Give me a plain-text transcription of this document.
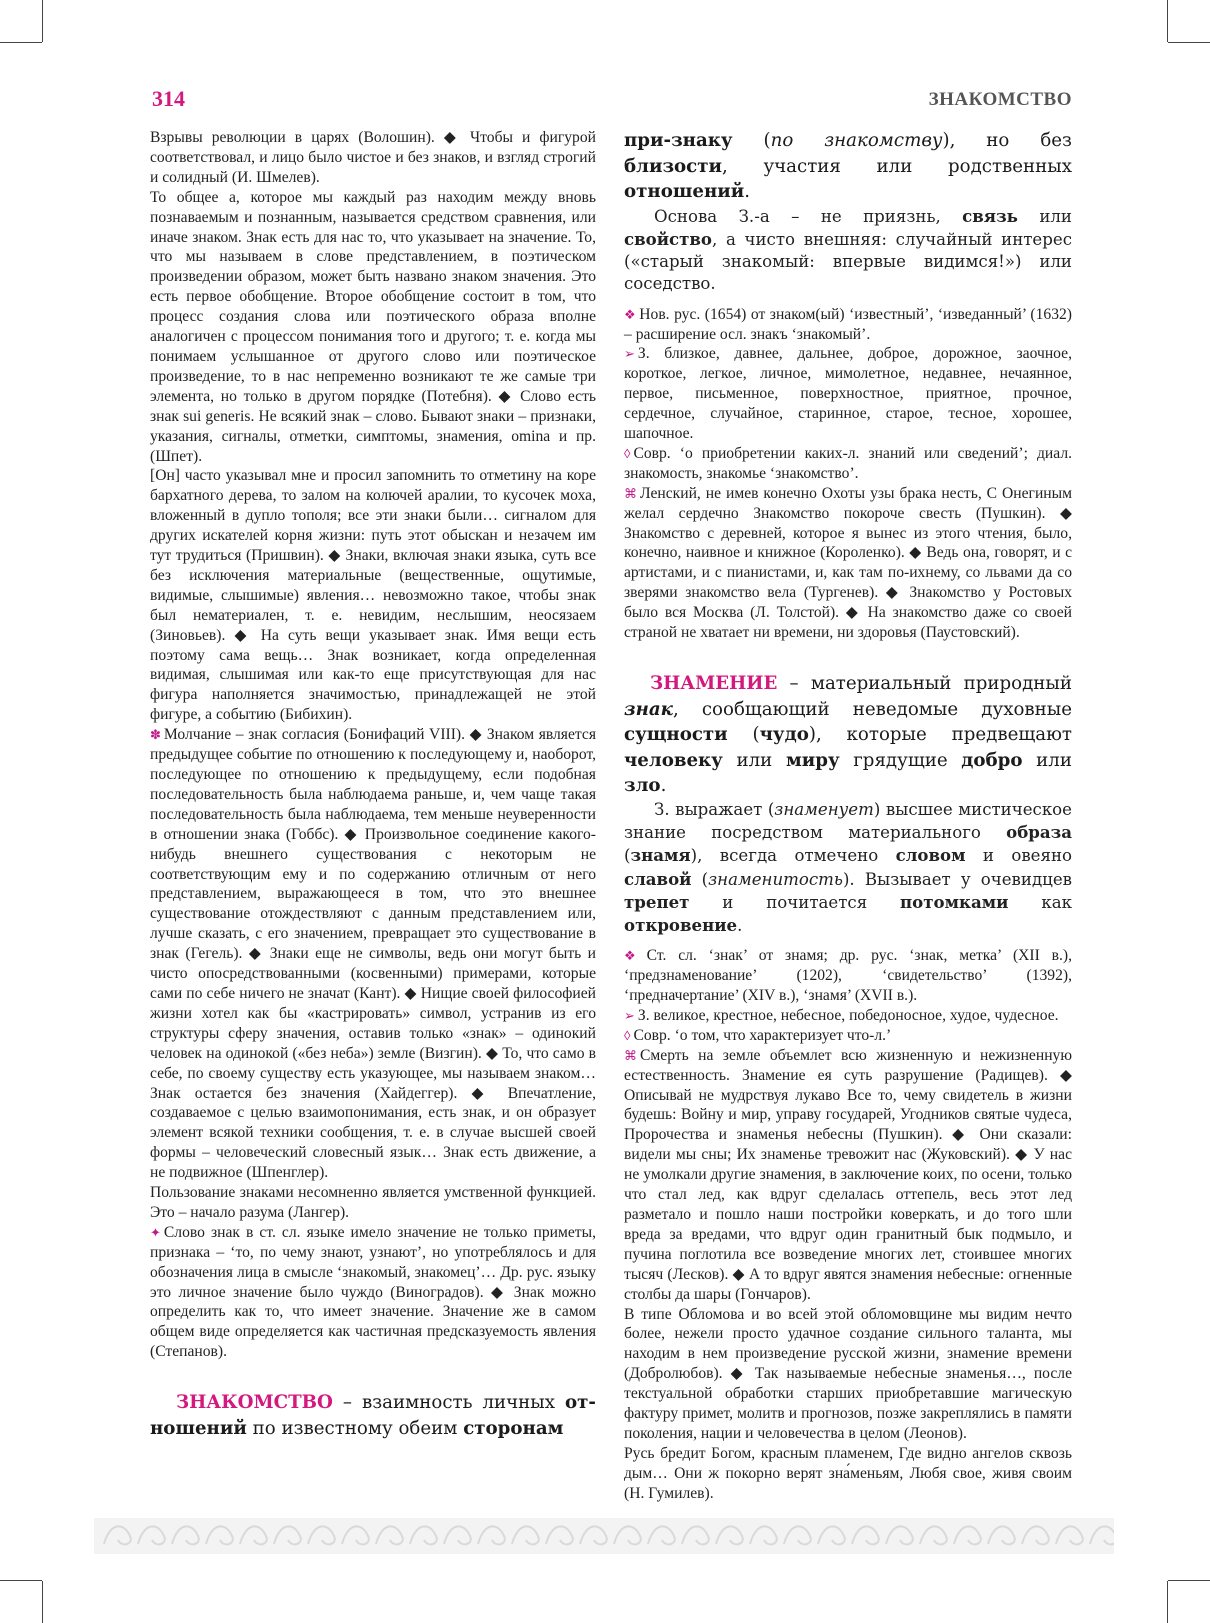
314	ЗНАКОМСТВО

Взрывы революции в царях (Волошин). ◆ Чтобы и фигурой соответствовал, и лицо было чистое и без знаков, и взгляд строгий и солидный (И. Шмелев).

То общее а, которое мы каждый раз находим между вновь познаваемым и познанным, называется средством сравнения, или иначе знаком. Знак есть для нас то, что указывает на значение. То, что мы называем в слове представлением, в поэтическом произведении образом, может быть названо знаком значения. Это есть первое обобщение. Второе обобщение состоит в том, что процесс создания слова или поэтического образа вполне аналогичен с процессом понимания того и другого; т. е. когда мы понимаем услышанное от другого слово или поэтическое произведение, то в нас непременно возникают те же самые три элемента, но только в другом порядке (Потебня). ◆ Слово есть знак sui generis. Не всякий знак – слово. Бывают знаки – признаки, указания, сигналы, отметки, симптомы, знамения, omina и пр. (Шпет).

[Он] часто указывал мне и просил запомнить то отметину на коре бархатного дерева, то залом на колючей аралии, то кусочек моха, вложенный в дупло тополя; все эти знаки были… сигналом для других искателей корня жизни: путь этот обыскан и незачем им тут трудиться (Пришвин). ◆ Знаки, включая знаки языка, суть все без исключения материальные (вещественные, ощутимые, видимые, слышимые) явления… невозможно такое, чтобы знак был нематериален, т. е. невидим, неслышим, неосязаем (Зиновьев). ◆ На суть вещи указывает знак. Имя вещи есть поэтому сама вещь… Знак возникает, когда определенная видимая, слышимая или как-то еще присутствующая для нас фигура наполняется значимостью, принадлежащей не этой фигуре, а событию (Бибихин).

✽ Молчание – знак согласия (Бонифаций VIII). ◆ Знаком является предыдущее событие по отношению к последующему и, наоборот, последующее по отношению к предыдущему, если подобная последовательность была наблюдаема раньше, и, чем чаще такая последовательность была наблюдаема, тем меньше неуверенности в отношении знака (Гоббс). ◆ Произвольное соединение какого-нибудь внешнего существования с некоторым не соответствующим ему и по содержанию отличным от него представлением, выражающееся в том, что это внешнее существование отождествляют с данным представлением или, лучше сказать, с его значением, превращает это существование в знак (Гегель). ◆ Знаки еще не символы, ведь они могут быть и чисто опосредствованными (косвенными) примерами, которые сами по себе ничего не значат (Кант). ◆ Нищие своей философией жизни хотел как бы «кастрировать» символ, устранив из его структуры сферу значения, оставив только «знак» – одинокий человек на одинокой («без неба») земле (Визгин). ◆ То, что само в себе, по своему существу есть указующее, мы называем знаком… Знак остается без значения (Хайдеггер). ◆ Впечатление, создаваемое с целью взаимопонимания, есть знак, и он образует элемент всякой техники сообщения, т. е. в случае высшей своей формы – человеческий словесный язык… Знак есть движение, а не подвижное (Шпенглер).

Пользование знаками несомненно является умственной функцией. Это – начало разума (Лангер).

✦ Слово знак в ст. сл. языке имело значение не только приметы, признака – ‘то, по чему знают, узнают’, но употреблялось и для обозначения лица в смысле ‘знакомый, знакомец’… Др. рус. языку это личное значение было чуждо (Виноградов). ◆ Знак можно определить как то, что имеет значение. Значение же в самом общем виде определяется как частичная предсказуемость явления (Степанов).

ЗНАКОМСТВО – взаимность личных от-ношений по известному обеим сторонам

при-знаку (по знакомству), но без близости, участия или родственных отношений.

Основа З.-а – не приязнь, связь или свойство, а чисто внешняя: случайный интерес («старый знакомый: впервые видимся!») или соседство.

❖ Нов. рус. (1654) от знаком(ый) ‘известный’, ‘изведанный’ (1632) – расширение осл. знакъ ‘знакомый’.

➢ З. близкое, давнее, дальнее, доброе, дорожное, заочное, короткое, легкое, личное, мимолетное, недавнее, нечаянное, первое, письменное, поверхностное, приятное, прочное, сердечное, случайное, старинное, старое, тесное, хорошее, шапочное.

◊ Совр. ‘о приобретении каких-л. знаний или сведений’; диал. знакомость, знакомье ‘знакомство’.

⌘ Ленский, не имев конечно Охоты узы брака несть, С Онегиным желал сердечно Знакомство покороче свесть (Пушкин). ◆ Знакомство с деревней, которое я вынес из этого чтения, было, конечно, наивное и книжное (Короленко). ◆ Ведь она, говорят, и с артистами, и с пианистами, и, как там по-ихнему, со львами да со зверями знакомство вела (Тургенев). ◆ Знакомство у Ростовых было вся Москва (Л. Толстой). ◆ На знакомство даже со своей страной не хватает ни времени, ни здоровья (Паустовский).

ЗНАМЕНИЕ – материальный природный знак, сообщающий неведомые духовные сущности (чудо), которые предвещают человеку или миру грядущие добро или зло.

З. выражает (знаменует) высшее мистическое знание посредством материального образа (знамя), всегда отмечено словом и овеяно славой (знаменитость). Вызывает у очевидцев трепет и почитается потомками как откровение.

❖ Ст. сл. ‘знак’ от знамя; др. рус. ‘знак, метка’ (XII в.), ‘предзнаменование’ (1202), ‘свидетельство’ (1392), ‘предначертание’ (XIV в.), ‘знамя’ (XVII в.).

➢ З. великое, крестное, небесное, победоносное, худое, чудесное.

◊ Совр. ‘о том, что характеризует что-л.’

⌘ Смерть на земле объемлет всю жизненную и нежизненную естественность. Знамение ея суть разрушение (Радищев). ◆ Описывай не мудрствуя лукаво Все то, чему свидетель в жизни будешь: Войну и мир, управу государей, Угодников святые чудеса, Пророчества и знаменья небесны (Пушкин). ◆ Они сказали: видели мы сны; Их знаменье тревожит нас (Жуковский). ◆ У нас не умолкали другие знамения, в заключение коих, по осени, только что стал лед, как вдруг сделалась оттепель, весь этот лед разметало и пошло наши постройки коверкать, и до того шли вреда за вредами, что вдруг один гранитный бык подмыло, и пучина поглотила все возведение многих лет, стоившее многих тысяч (Лесков). ◆ А то вдруг явятся знамения небесные: огненные столбы да шары (Гончаров).

В типе Обломова и во всей этой обломовщине мы видим нечто более, нежели просто удачное создание сильного таланта, мы находим в нем произведение русской жизни, знамение времени (Добролюбов). ◆ Так называемые небесные знаменья…, после текстуальной обработки старших приобретавшие магическую фактуру примет, молитв и прогнозов, позже закреплялись в памяти поколения, нации и человечества в целом (Леонов).

Русь бредит Богом, красным пламенем, Где видно ангелов сквозь дым… Они ж покорно верят зна́меньям, Любя свое, живя своим (Н. Гумилев).
